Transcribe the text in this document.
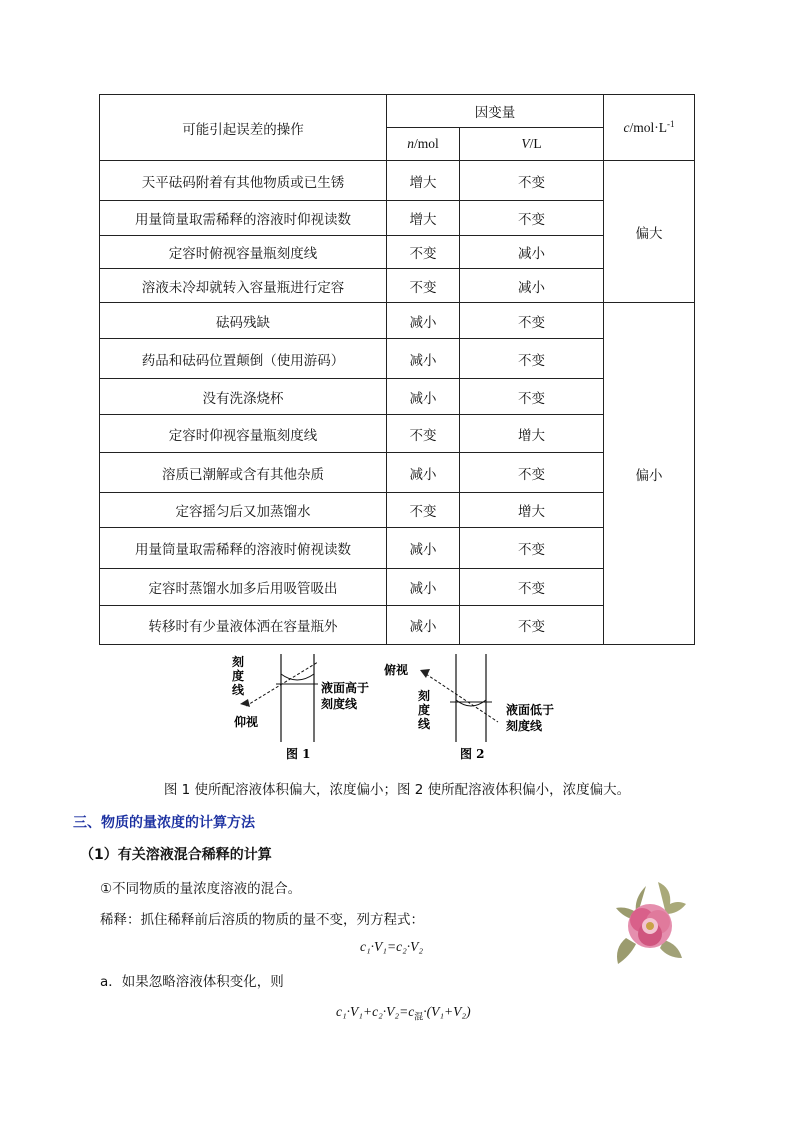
可能引起误差的操作	因变量		$c/mol\cdot L^{-1}$
	n/mol	V/L	
天平砝码附着有其他物质或已生锈	增大	不变	偏大
用量筒量取需稀释的溶液时仰视读数	增大	不变	
定容时俯视容量瓶刻度线	不变	减小	
溶液未冷却就转入容量瓶进行定容	不变	减小	
砝码残缺	减小	不变	偏小
药品和砝码位置颠倒（使用游码）	减小	不变	
没有洗涤烧杯	减小	不变	
定容时仰视容量瓶刻度线	不变	增大	
溶质已潮解或含有其他杂质	减小	不变	
定容摇匀后又加蒸馏水	不变	增大	
用量筒量取需稀释的溶液时俯视读数	减小	不变	
定容时蒸馏水加多后用吸管吸出	减小	不变	
转移时有少量液体洒在容量瓶外	减小	不变	
刻
度
线	液面高于
刻度线
仰视
图 1
俯视
刻
度
线
液面低于
刻度线
图 2
图 1 使所配溶液体积偏大，浓度偏小；图 2 使所配溶液体积偏小，浓度偏大。
三、物质的量浓度的计算方法
（1）有关溶液混合稀释的计算
①不同物质的量浓度溶液的混合。
稀释：抓住稀释前后溶质的物质的量不变，列方程式：
c₁·V₁=c₂·V₂
a．如果忽略溶液体积变化，则
$c_1\cdot V_1+c_2\cdot V_2=c_混\cdot(V_1+V_2)$
